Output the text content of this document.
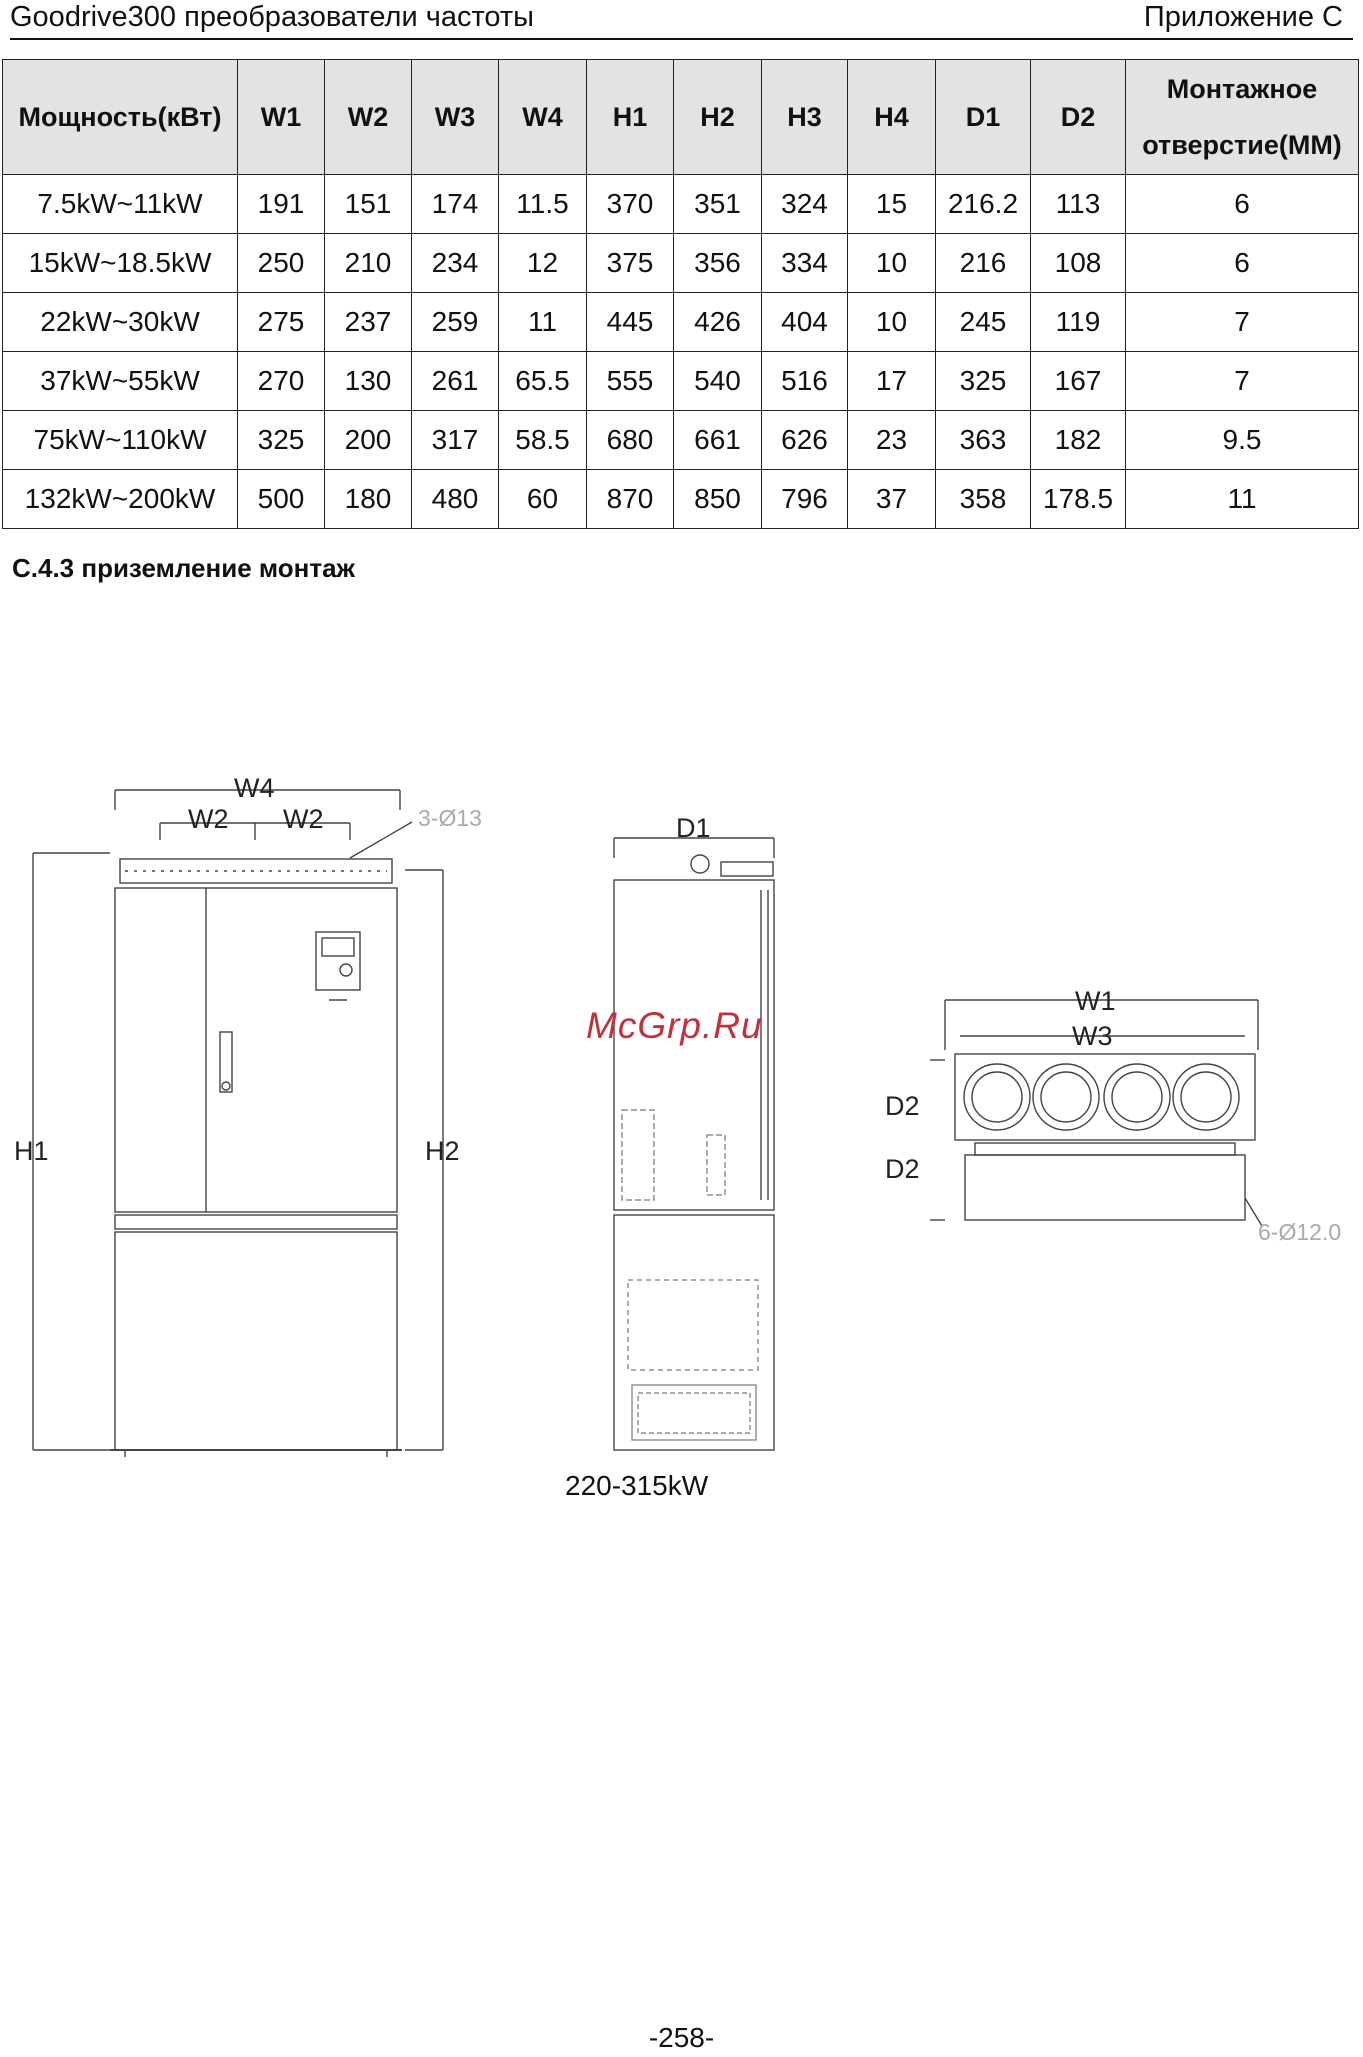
Goodrive300 преобразователи частоты	Приложение C
Мощность(кВт)	W1	W2	W3	W4	H1	H2	H3	H4	D1	D2	Монтажное
отверстие(MM)
7.5kW~11kW	191	151	174	11.5	370	351	324	15	216.2	113	6
15kW~18.5kW	250	210	234	12	375	356	334	10	216	108	6
22kW~30kW	275	237	259	11	445	426	404	10	245	119	7
37kW~55kW	270	130	261	65.5	555	540	516	17	325	167	7
75kW~110kW	325	200	317	58.5	680	661	626	23	363	182	9.5
132kW~200kW	500	180	480	60	870	850	796	37	358	178.5	11
C.4.3 приземление монтаж
W4
W2 W2	3-Ø13
H1	H2
D1
W1
W3
D2
D2
6-Ø12.0
McGrp.Ru
220-315kW
-258-
